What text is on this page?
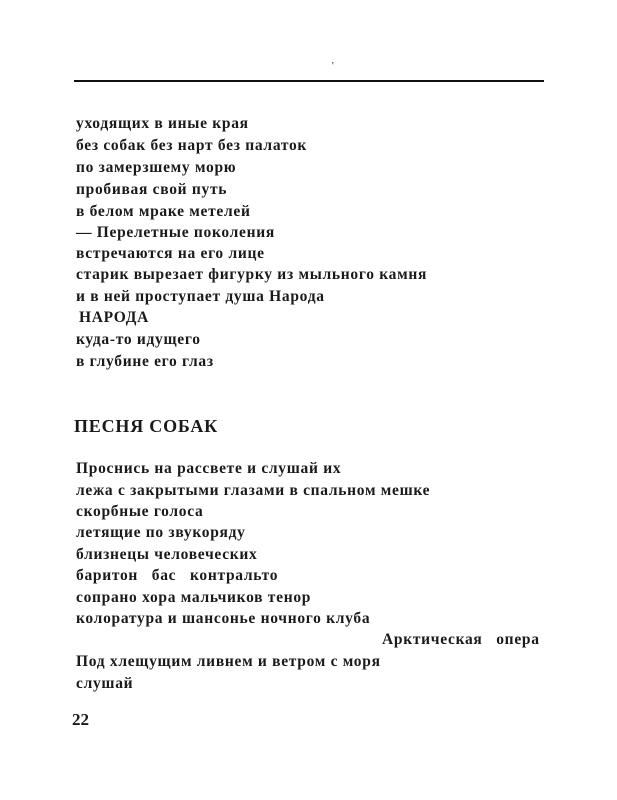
'
уходящих в иные края
без собак без нарт без палаток
по замерзшему морю
пробивая свой путь
в белом мраке метелей
— Перелетные поколения
встречаются на его лице
старик вырезает фигурку из мыльного камня
и в ней проступает душа Народа
НАРОДА
куда-то идущего
в глубине его глаз
ПЕСНЯ СОБАК
Проснись на рассвете и слушай их
лежа с закрытыми глазами в спальном мешке
скорбные голоса
летящие по звукоряду
близнецы человеческих
баритон   бас   контральто
сопрано хора мальчиков тенор
колоратура и шансонье ночного клуба
Арктическая   опера
Под хлещущим ливнем и ветром с моря
слушай
22
